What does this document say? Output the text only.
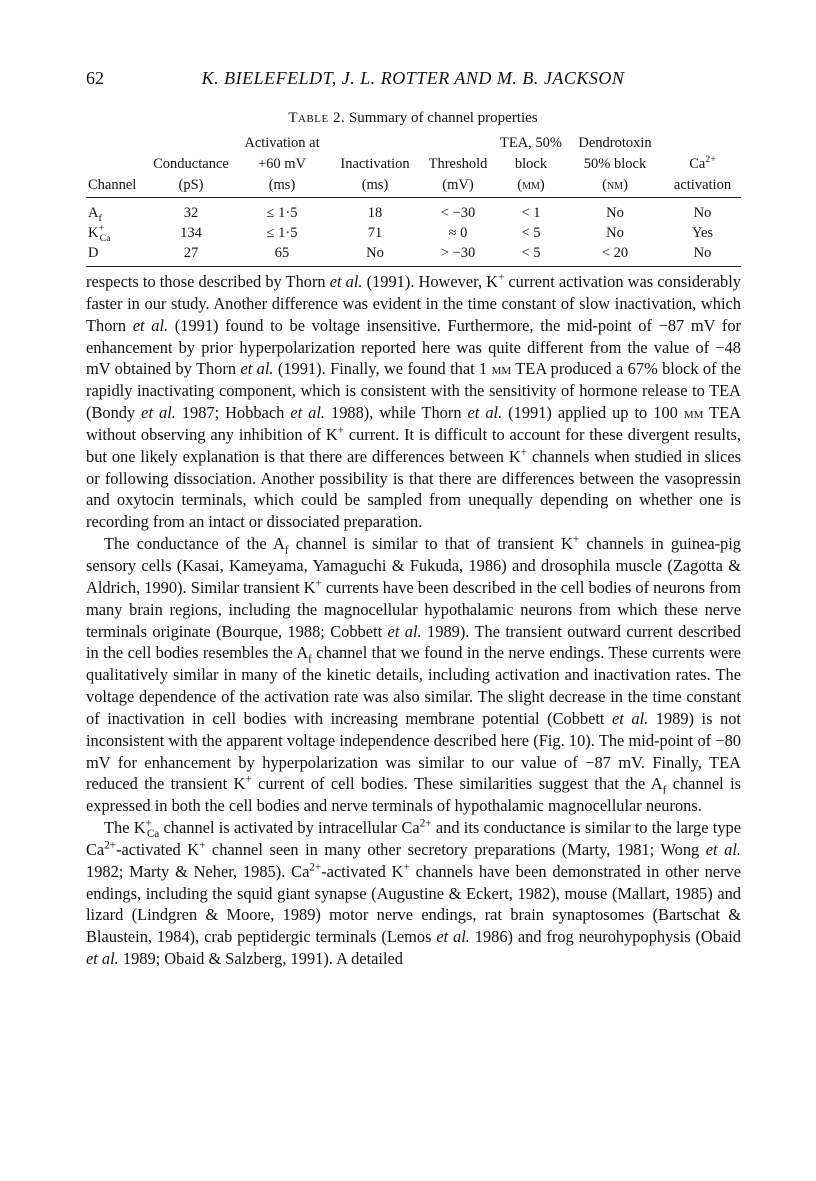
62	K. BIELEFELDT, J. L. ROTTER AND M. B. JACKSON
Table 2. Summary of channel properties
		Activation at			TEA, 50%	Dendrotoxin	
	Conductance	+60 mV	Inactivation	Threshold	block	50% block	$Ca^{2+}$
Channel	(pS)	(ms)	(ms)	(mV)	(mm)	(nm)	activation
$A_f$	32	≤ 1·5	18	< −30	< 1	No	No
$K^+_{Ca}$	134	≤ 1·5	71	≈ 0	< 5	No	Yes
D	27	65	No	> −30	< 5	< 20	No

respects to those described by Thorn et al. (1991). However, K+ current activation was considerably faster in our study. Another difference was evident in the time constant of slow inactivation, which Thorn et al. (1991) found to be voltage insensitive. Furthermore, the mid-point of −87 mV for enhancement by prior hyperpolarization reported here was quite different from the value of −48 mV obtained by Thorn et al. (1991). Finally, we found that 1 mm TEA produced a 67% block of the rapidly inactivating component, which is consistent with the sensitivity of hormone release to TEA (Bondy et al. 1987; Hobbach et al. 1988), while Thorn et al. (1991) applied up to 100 mm TEA without observing any inhibition of K+ current. It is difficult to account for these divergent results, but one likely explanation is that there are differences between K+ channels when studied in slices or following dissociation. Another possibility is that there are differences between the vasopressin and oxytocin terminals, which could be sampled from unequally depending on whether one is recording from an intact or dissociated preparation.

The conductance of the $A_f$ channel is similar to that of transient K+ channels in guinea-pig sensory cells (Kasai, Kameyama, Yamaguchi & Fukuda, 1986) and drosophila muscle (Zagotta & Aldrich, 1990). Similar transient K+ currents have been described in the cell bodies of neurons from many brain regions, including the magnocellular hypothalamic neurons from which these nerve terminals originate (Bourque, 1988; Cobbett et al. 1989). The transient outward current described in the cell bodies resembles the $A_f$ channel that we found in the nerve endings. These currents were qualitatively similar in many of the kinetic details, including activation and inactivation rates. The voltage dependence of the activation rate was also similar. The slight decrease in the time constant of inactivation in cell bodies with increasing membrane potential (Cobbett et al. 1989) is not inconsistent with the apparent voltage independence described here (Fig. 10). The mid-point of −80 mV for enhancement by hyperpolarization was similar to our value of −87 mV. Finally, TEA reduced the transient K+ current of cell bodies. These similarities suggest that the $A_f$ channel is expressed in both the cell bodies and nerve terminals of hypothalamic magnocellular neurons.

The $K^+_{Ca}$ channel is activated by intracellular $Ca^{2+}$ and its conductance is similar to the large type $Ca^{2+}$-activated K+ channel seen in many other secretory preparations (Marty, 1981; Wong et al. 1982; Marty & Neher, 1985). $Ca^{2+}$-activated K+ channels have been demonstrated in other nerve endings, including the squid giant synapse (Augustine & Eckert, 1982), mouse (Mallart, 1985) and lizard (Lindgren & Moore, 1989) motor nerve endings, rat brain synaptosomes (Bartschat & Blaustein, 1984), crab peptidergic terminals (Lemos et al. 1986) and frog neurohypophysis (Obaid et al. 1989; Obaid & Salzberg, 1991). A detailed
